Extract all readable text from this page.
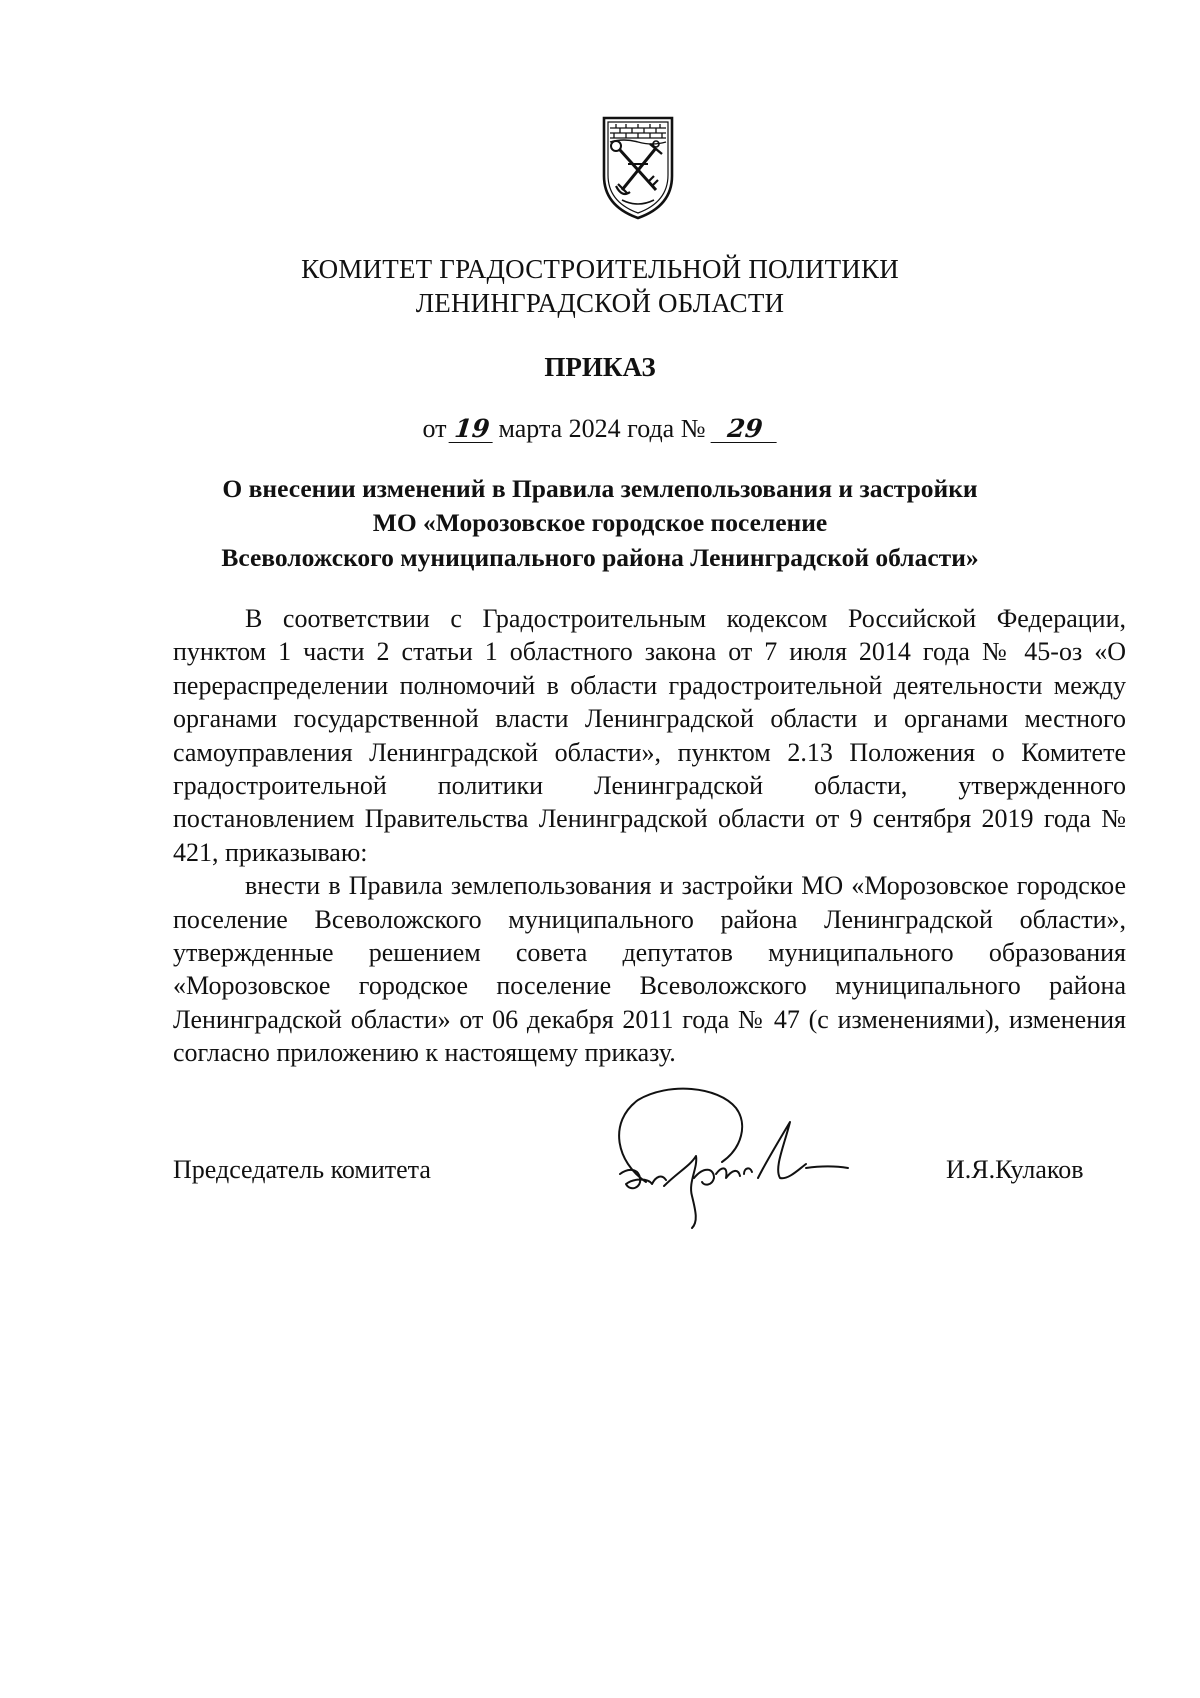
КОМИТЕТ ГРАДОСТРОИТЕЛЬНОЙ ПОЛИТИКИ
ЛЕНИНГРАДСКОЙ ОБЛАСТИ
ПРИКАЗ
от 19 марта 2024 года № 29
О внесении изменений в Правила землепользования и застройки
МО «Морозовское городское поселение
Всеволожского муниципального района Ленинградской области»

В соответствии с Градостроительным кодексом Российской Федерации, пунктом 1 части 2 статьи 1 областного закона от 7 июля 2014 года № 45-оз «О перераспределении полномочий в области градостроительной деятельности между органами государственной власти Ленинградской области и органами местного самоуправления Ленинградской области», пунктом 2.13 Положения о Комитете градостроительной политики Ленинградской области, утвержденного постановлением Правительства Ленинградской области от 9 сентября 2019 года № 421, приказываю:

внести в Правила землепользования и застройки МО «Морозовское городское поселение Всеволожского муниципального района Ленинградской области», утвержденные решением совета депутатов муниципального образования «Морозовское городское поселение Всеволожского муниципального района Ленинградской области» от 06 декабря 2011 года № 47 (с изменениями), изменения согласно приложению к настоящему приказу.

Председатель комитета	И.Я.Кулаков
